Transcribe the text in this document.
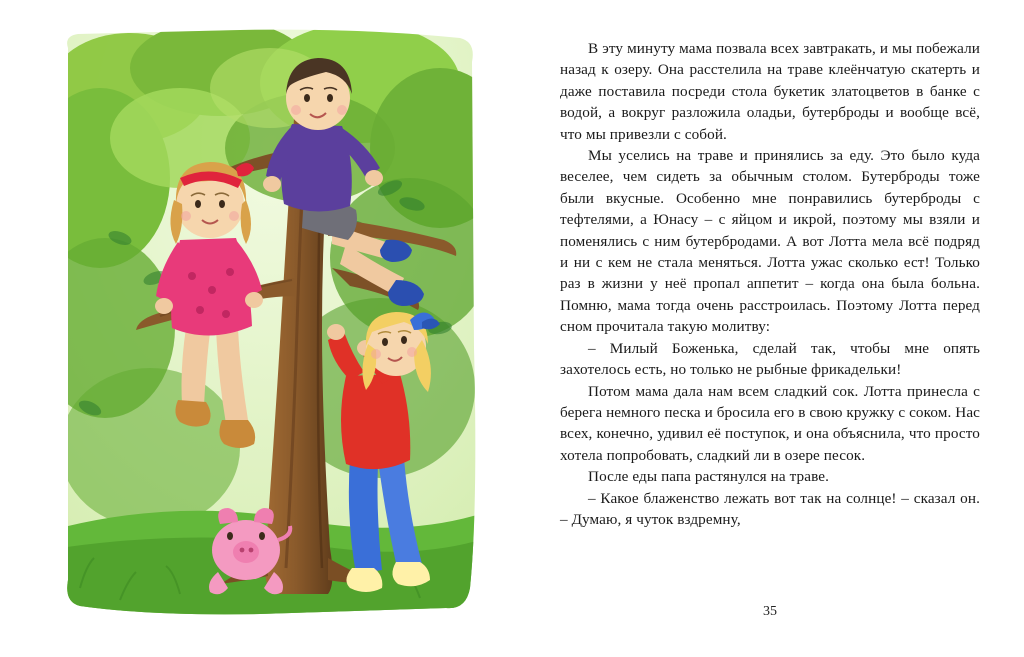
В эту минуту мама позвала всех завтракать, и мы побежали назад к озеру. Она расстелила на траве клеёнчатую скатерть и даже поставила посреди стола букетик златоцветов в банке с водой, а вокруг разложила оладьи, бутерброды и вообще всё, что мы привезли с собой.

Мы уселись на траве и принялись за еду. Это было куда веселее, чем сидеть за обычным столом. Бутерброды тоже были вкусные. Особенно мне понравились бутерброды с тефтелями, а Юнасу – с яйцом и икрой, поэтому мы взяли и поменялись с ним бутербродами. А вот Лотта мела всё подряд и ни с кем не стала меняться. Лотта ужас сколько ест! Только раз в жизни у неё пропал аппетит – когда она была больна. Помню, мама тогда очень расстроилась. Поэтому Лотта перед сном прочитала такую молитву:

– Милый Боженька, сделай так, чтобы мне опять захотелось есть, но только не рыбные фрикадельки!

Потом мама дала нам всем сладкий сок. Лотта принесла с берега немного песка и бросила его в свою кружку с соком. Нас всех, конечно, удивил её поступок, и она объяснила, что просто хотела попробовать, сладкий ли в озере песок.

После еды папа растянулся на траве.

– Какое блаженство лежать вот так на солнце! – сказал он. – Думаю, я чуток вздремну,

35
